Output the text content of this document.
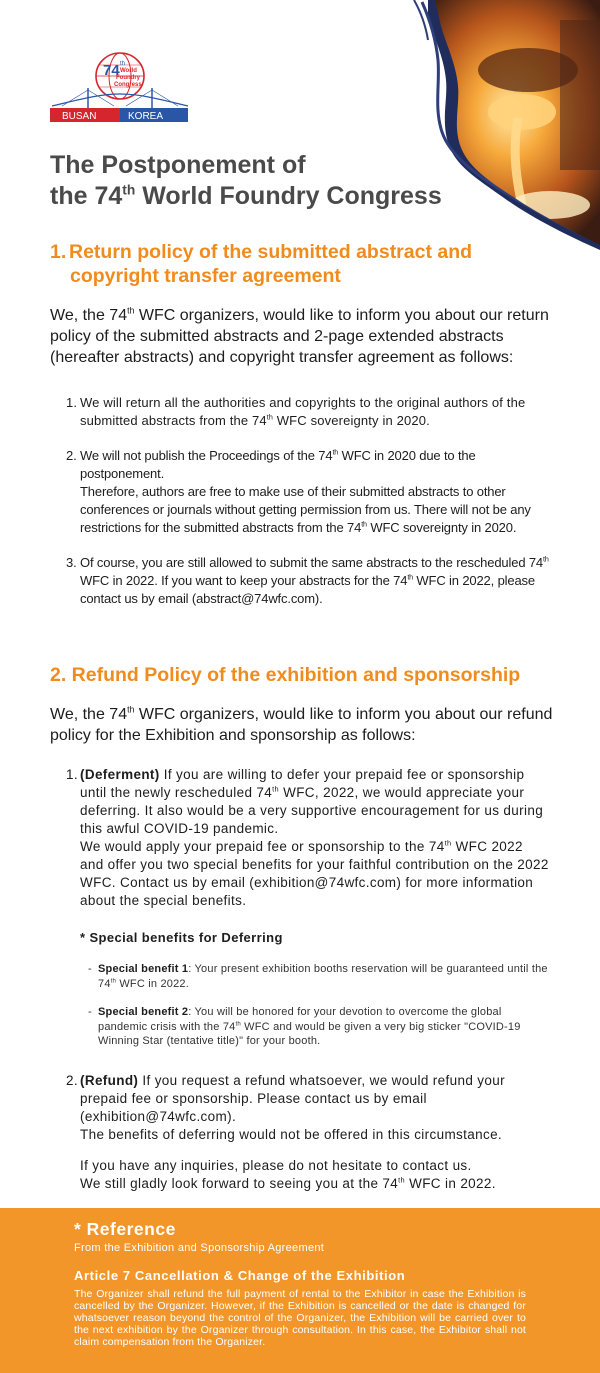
74 th
World
Foundry
Congress
BUSAN	KOREA
The Postponement of
the 74th World Foundry Congress
1. Return policy of the submitted abstract and
copyright transfer agreement

We, the 74th WFC organizers, would like to inform you about our return policy of the submitted abstracts and 2-page extended abstracts (hereafter abstracts) and copyright transfer agreement as follows:

1. We will return all the authorities and copyrights to the original authors of the submitted abstracts from the 74th WFC sovereignty in 2020.
2. We will not publish the Proceedings of the 74th WFC in 2020 due to the postponement.
Therefore, authors are free to make use of their submitted abstracts to other conferences or journals without getting permission from us. There will not be any restrictions for the submitted abstracts from the 74th WFC sovereignty in 2020.
3. Of course, you are still allowed to submit the same abstracts to the rescheduled 74th WFC in 2022. If you want to keep your abstracts for the 74th WFC in 2022, please contact us by email (abstract@74wfc.com).
2. Refund Policy of the exhibition and sponsorship

We, the 74th WFC organizers, would like to inform you about our refund policy for the Exhibition and sponsorship as follows:

1. (Deferment) If you are willing to defer your prepaid fee or sponsorship until the newly rescheduled 74th WFC, 2022, we would appreciate your deferring. It also would be a very supportive encouragement for us during this awful COVID-19 pandemic.
We would apply your prepaid fee or sponsorship to the 74th WFC 2022 and offer you two special benefits for your faithful contribution on the 2022 WFC. Contact us by email (exhibition@74wfc.com) for more information about the special benefits.

* Special benefits for Deferring

- Special benefit 1: Your present exhibition booths reservation will be guaranteed until the 74th WFC in 2022.
- Special benefit 2: You will be honored for your devotion to overcome the global pandemic crisis with the 74th WFC and would be given a very big sticker "COVID-19 Winning Star (tentative title)" for your booth.
2. (Refund) If you request a refund whatsoever, we would refund your prepaid fee or sponsorship. Please contact us by email (exhibition@74wfc.com).
The benefits of deferring would not be offered in this circumstance.

If you have any inquiries, please do not hesitate to contact us.
We still gladly look forward to seeing you at the 74th WFC in 2022.

* Reference

From the Exhibition and Sponsorship Agreement

Article 7 Cancellation & Change of the Exhibition

The Organizer shall refund the full payment of rental to the Exhibitor in case the Exhibition is cancelled by the Organizer. However, if the Exhibition is cancelled or the date is changed for whatsoever reason beyond the control of the Organizer, the Exhibition will be carried over to the next exhibition by the Organizer through consultation. In this case, the Exhibitor shall not claim compensation from the Organizer.
